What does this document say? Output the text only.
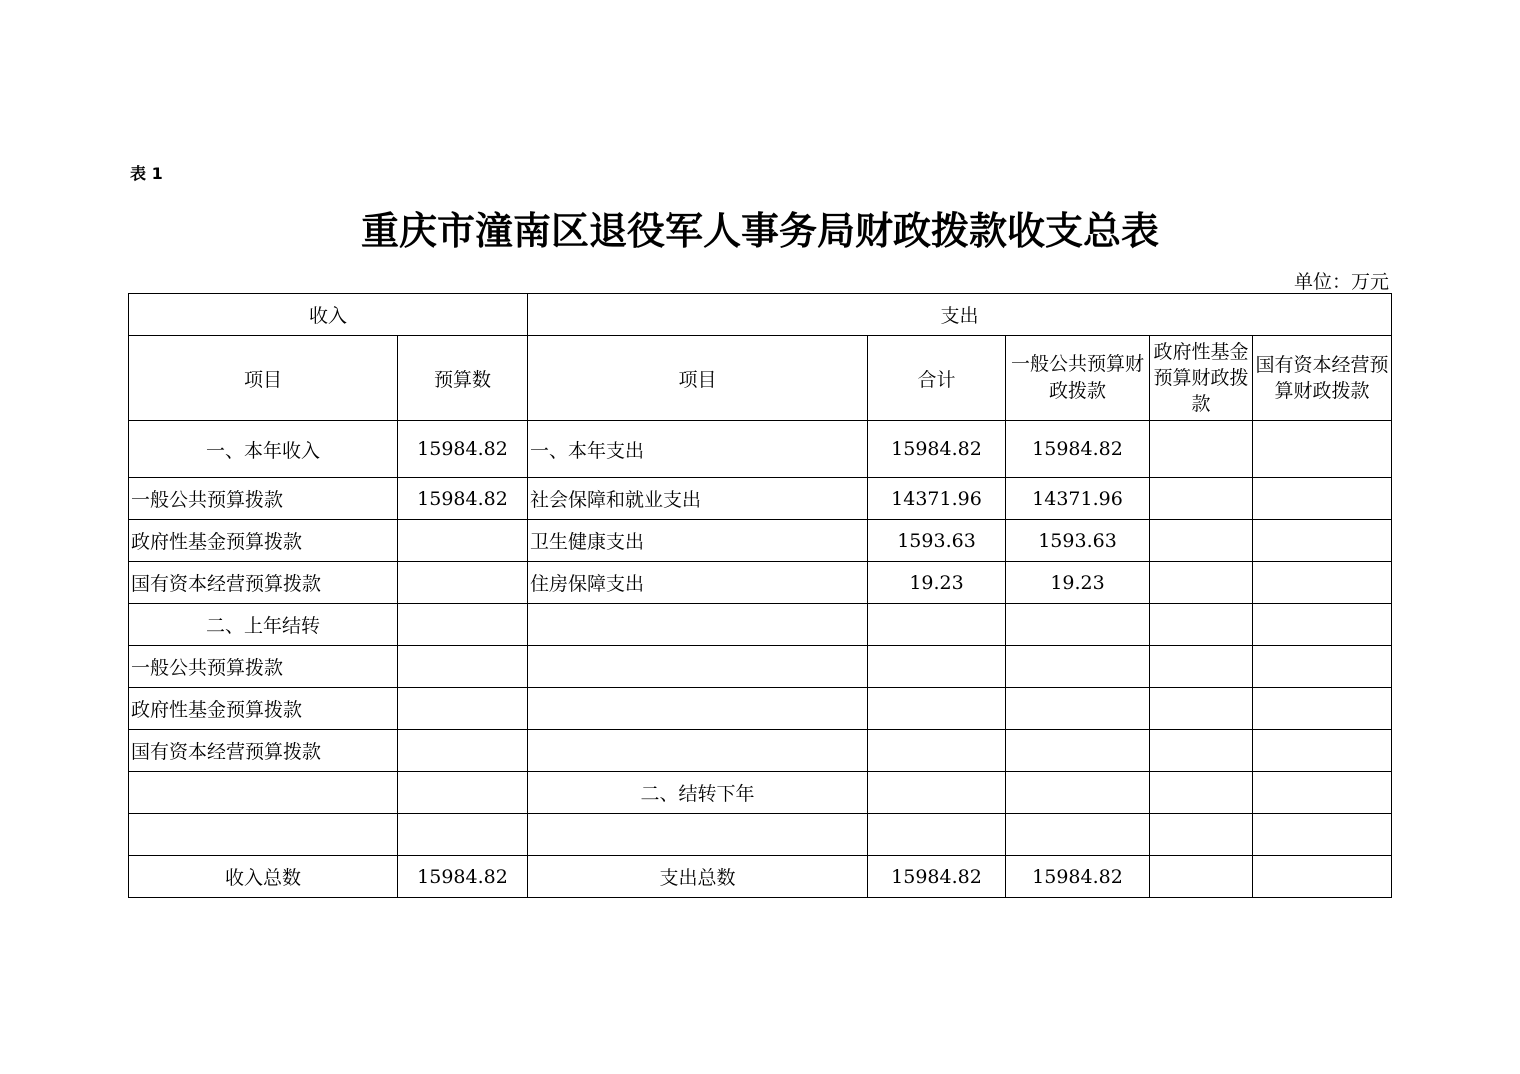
表 1
重庆市潼南区退役军人事务局财政拨款收支总表
单位：万元
收入		支出				
项目	预算数	项目	合计	一般公共预算财政拨款	政府性基金预算财政拨款	国有资本经营预算财政拨款
一、本年收入	15984.82	一、本年支出	15984.82	15984.82		
一般公共预算拨款	15984.82	社会保障和就业支出	14371.96	14371.96		
政府性基金预算拨款		卫生健康支出	1593.63	1593.63		
国有资本经营预算拨款		住房保障支出	19.23	19.23		
二、上年结转						
一般公共预算拨款						
政府性基金预算拨款						
国有资本经营预算拨款						
		二、结转下年				

收入总数	15984.82	支出总数	15984.82	15984.82		
